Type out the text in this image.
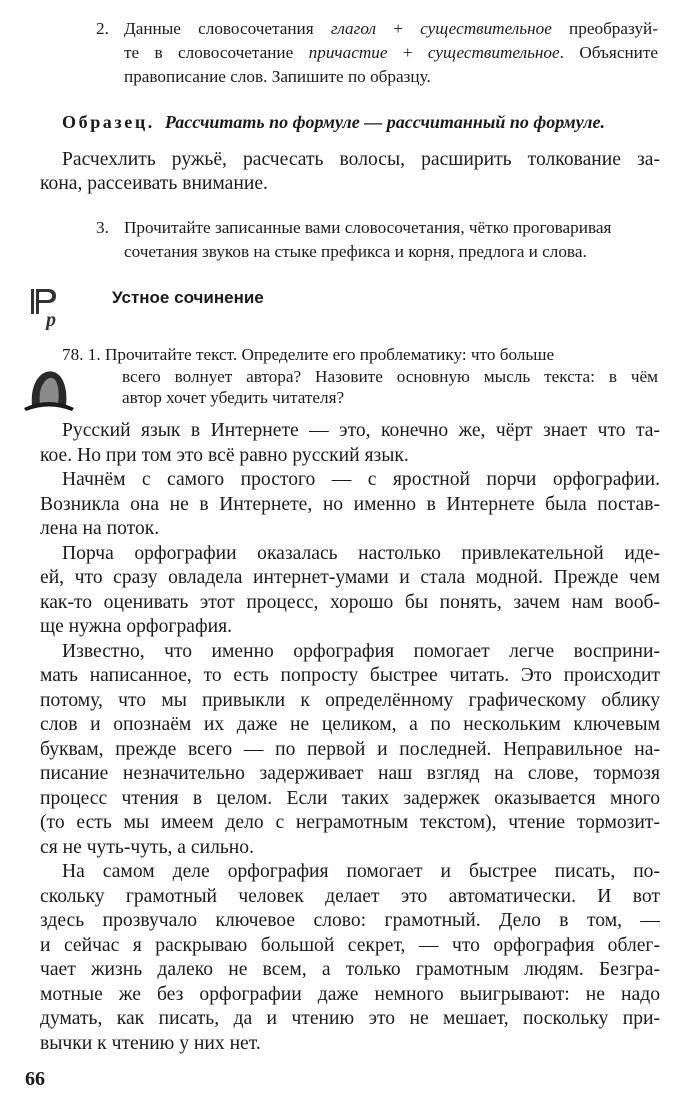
2. Данные словосочетания глагол + существительное преобразуй-
те в словосочетание причастие + существительное. Объясните
правописание слов. Запишите по образцу.
Образец. Рассчитать по формуле — рассчитанный по формуле.
Расчехлить ружьё, расчесать волосы, расширить толкование за-
кона, рассеивать внимание.
3. Прочитайте записанные вами словосочетания, чётко проговаривая
сочетания звуков на стыке префикса и корня, предлога и слова.
p
Устное сочинение
78. 1. Прочитайте текст. Определите его проблематику: что больше
всего волнует автора? Назовите основную мысль текста: в чём
автор хочет убедить читателя?
Русский язык в Интернете — это, конечно же, чёрт знает что та-
кое. Но при том это всё равно русский язык.
Начнём с самого простого — с яростной порчи орфографии.
Возникла она не в Интернете, но именно в Интернете была постав-
лена на поток.
Порча орфографии оказалась настолько привлекательной иде-
ей, что сразу овладела интернет-умами и стала модной. Прежде чем
как-то оценивать этот процесс, хорошо бы понять, зачем нам вооб-
ще нужна орфография.
Известно, что именно орфография помогает легче восприни-
мать написанное, то есть попросту быстрее читать. Это происходит
потому, что мы привыкли к определённому графическому облику
слов и опознаём их даже не целиком, а по нескольким ключевым
буквам, прежде всего — по первой и последней. Неправильное на-
писание незначительно задерживает наш взгляд на слове, тормозя
процесс чтения в целом. Если таких задержек оказывается много
(то есть мы имеем дело с неграмотным текстом), чтение тормозит-
ся не чуть-чуть, а сильно.
На самом деле орфография помогает и быстрее писать, по-
скольку грамотный человек делает это автоматически. И вот
здесь прозвучало ключевое слово: грамотный. Дело в том, —
и сейчас я раскрываю большой секрет, — что орфография облег-
чает жизнь далеко не всем, а только грамотным людям. Безгра-
мотные же без орфографии даже немного выигрывают: не надо
думать, как писать, да и чтению это не мешает, поскольку при-
вычки к чтению у них нет.
66
